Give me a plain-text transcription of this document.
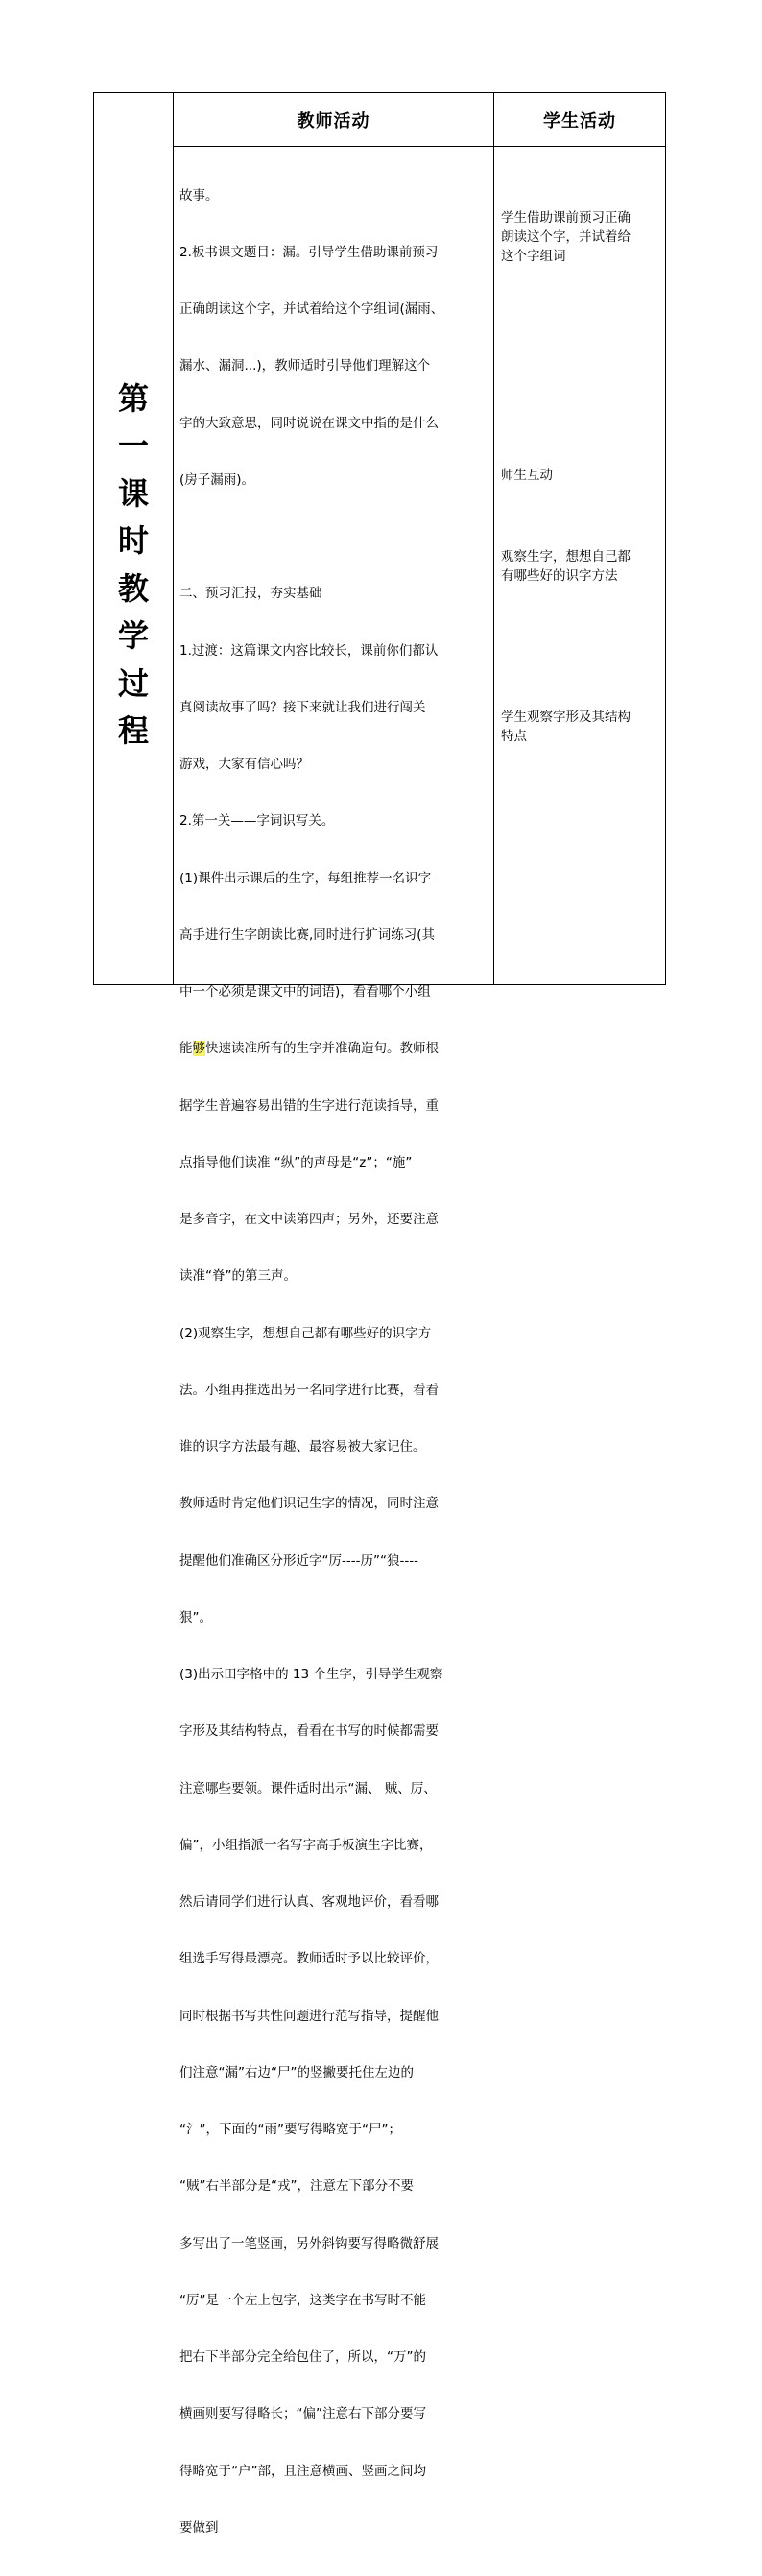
教师活动	学生活动
第
一
课
时
教
学
过
程

故事。

2.板书课文题目：漏。引导学生借助课前预习

正确朗读这个字，并试着给这个字组词(漏雨、

漏水、漏洞...)，教师适时引导他们理解这个

字的大致意思，同时说说在课文中指的是什么

(房子漏雨)。

二、预习汇报，夯实基础

1.过渡：这篇课文内容比较长，课前你们都认

真阅读故事了吗？接下来就让我们进行闯关

游戏，大家有信心吗？

2.第一关——字词识写关。

(1)课件出示课后的生字，每组推荐一名识字

高手进行生字朗读比赛,同时进行扩词练习(其

中一个必须是课文中的词语)，看看哪个小组

能够快速读准所有的生字并准确造句。教师根

据学生普遍容易出错的生字进行范读指导，重

点指导他们读准 “纵”的声母是“z”；“施”

是多音字，在文中读第四声；另外，还要注意

读准“脊”的第三声。

(2)观察生字，想想自己都有哪些好的识字方

法。小组再推选出另一名同学进行比赛，看看

谁的识字方法最有趣、最容易被大家记住。

教师适时肯定他们识记生字的情况，同时注意

提醒他们准确区分形近字“厉----历”“狼----

狠”。

(3)出示田字格中的 13 个生字，引导学生观察

字形及其结构特点，看看在书写的时候都需要

注意哪些要领。课件适时出示“漏、 贼、厉、

偏”，小组指派一名写字高手板演生字比赛，

然后请同学们进行认真、客观地评价，看看哪

组选手写得最漂亮。教师适时予以比较评价，

同时根据书写共性问题进行范写指导，提醒他

们注意“漏”右边“尸”的竖撇要托住左边的

“氵”，下面的“雨”要写得略宽于“尸”；

“贼”右半部分是“戎”，注意左下部分不要

多写出了一笔竖画，另外斜钩要写得略微舒展

“厉”是一个左上包字，这类字在书写时不能

把右下半部分完全给包住了，所以，“万”的

横画则要写得略长；“偏”注意右下部分要写

得略宽于“户”部，且注意横画、竖画之间均

要做到

学生借助课前预习正确
朗读这个字，并试着给
这个字组词
师生互动
观察生字，想想自己都
有哪些好的识字方法
学生观察字形及其结构
特点
